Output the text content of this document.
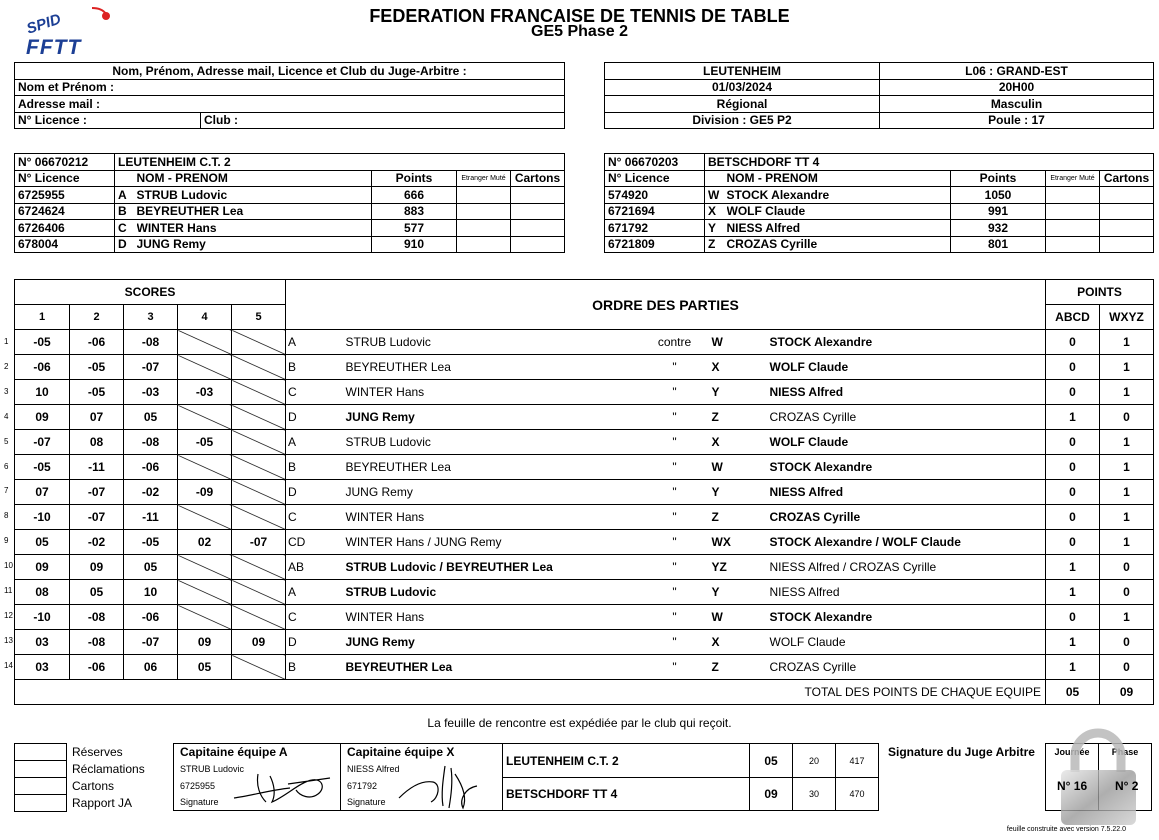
SPID
FFTT
FEDERATION FRANCAISE DE TENNIS DE TABLE
GE5 Phase 2
Nom, Prénom, Adresse mail, Licence et Club du Juge-Arbitre :
Nom et Prénom :
Adresse mail :
N° Licence :	Club :
LEUTENHEIM	L06 : GRAND-EST
01/03/2024	20H00
Régional	Masculin
Division : GE5 P2	Poule : 17
N° 06670212	LEUTENHEIM C.T. 2				
N° Licence		NOM - PRENOM	Points	Etranger Muté	Cartons
6725955	A	STRUB Ludovic	666		
6724624	B	BEYREUTHER Lea	883		
6726406	C	WINTER Hans	577		
678004	D	JUNG Remy	910		
N° 06670203	BETSCHDORF TT 4				
N° Licence		NOM - PRENOM	Points	Etranger Muté	Cartons
574920	W	STOCK Alexandre	1050		
6721694	X	WOLF Claude	991		
671792	Y	NIESS Alfred	932		
6721809	Z	CROZAS Cyrille	801		
SCORES					ORDRE DES PARTIES						POINTS	
1	2	3	4	5							ABCD	WXYZ
-05	-06	-08			A	STRUB Ludovic	contre	W	STOCK Alexandre		0	1
-06	-05	-07			B	BEYREUTHER Lea	"	X	WOLF Claude		0	1
10	-05	-03	-03		C	WINTER Hans	"	Y	NIESS Alfred		0	1
09	07	05			D	JUNG Remy	"	Z	CROZAS Cyrille		1	0
-07	08	-08	-05		A	STRUB Ludovic	"	X	WOLF Claude		0	1
-05	-11	-06			B	BEYREUTHER Lea	"	W	STOCK Alexandre		0	1
07	-07	-02	-09		D	JUNG Remy	"	Y	NIESS Alfred		0	1
-10	-07	-11			C	WINTER Hans	"	Z	CROZAS Cyrille		0	1
05	-02	-05	02	-07	CD	WINTER Hans / JUNG Remy	"	WX	STOCK Alexandre / WOLF Claude		0	1
09	09	05			AB	STRUB Ludovic / BEYREUTHER Lea	"	YZ	NIESS Alfred / CROZAS Cyrille		1	0
08	05	10			A	STRUB Ludovic	"	Y	NIESS Alfred		1	0
-10	-08	-06			C	WINTER Hans	"	W	STOCK Alexandre		0	1
03	-08	-07	09	09	D	JUNG Remy	"	X	WOLF Claude		1	0
03	-06	06	05		B	BEYREUTHER Lea	"	Z	CROZAS Cyrille		1	0
TOTAL DES POINTS DE CHAQUE EQUIPE											05	09
1
2
3
4
5
6
7
8
9
10
11
12
13
14
La feuille de rencontre est expédiée par le club qui reçoit.

Réserves
Réclamations
Cartons
Rapport JA
Capitaine équipe A
STRUB Ludovic
6725955
Signature
Capitaine équipe X
NIESS Alfred
671792
Signature
LEUTENHEIM C.T. 2	05	20	417
BETSCHDORF TT 4	09	30	470
Signature du Juge Arbitre	Journée	Phase
N° 16 N° 2
feuille construite avec version 7.5.22.0
